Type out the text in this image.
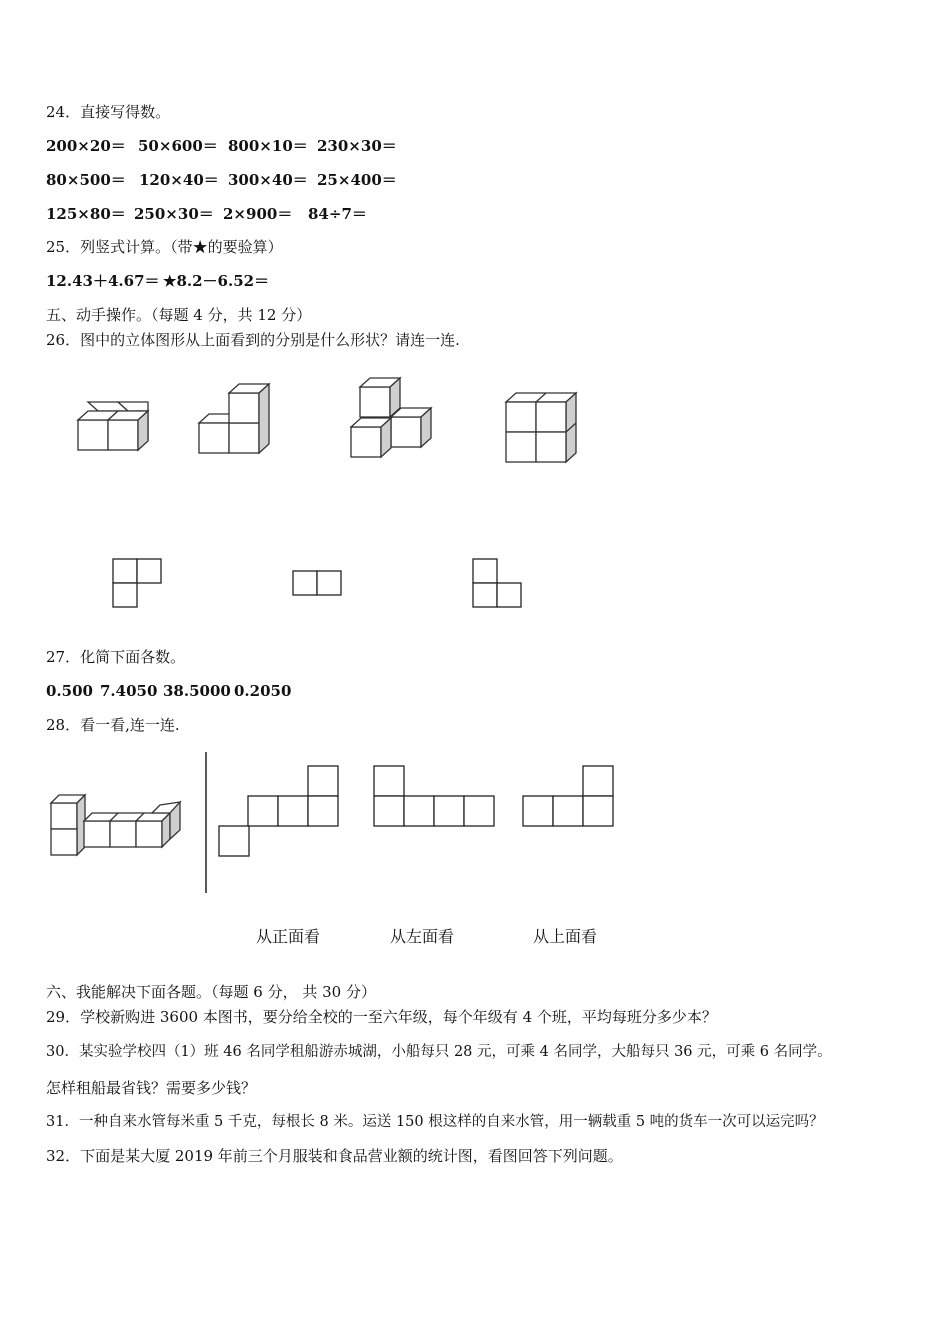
24．直接写得数。
200×20＝ 50×600＝ 800×10＝ 230×30＝
80×500＝ 120×40＝ 300×40＝ 25×400＝
125×80＝ 250×30＝ 2×900＝ 84÷7＝
25．列竖式计算。（带★的要验算）
12.43＋4.67＝ ★8.2－6.52＝
五、动手操作。（每题 4 分，共 12 分）
26．图中的立体图形从上面看到的分别是什么形状？请连一连.
27．化简下面各数。
0.500 7.4050 38.5000 0.2050
28．看一看,连一连.
从正面看	从左面看	从上面看
六、我能解决下面各题。（每题 6 分， 共 30 分）
29．学校新购进 3600 本图书，要分给全校的一至六年级，每个年级有 4 个班，平均每班分多少本？
30．某实验学校四（1）班 46 名同学租船游赤城湖，小船每只 28 元，可乘 4 名同学，大船每只 36 元，可乘 6 名同学。
怎样租船最省钱？需要多少钱？
31．一种自来水管每米重 5 千克，每根长 8 米。运送 150 根这样的自来水管，用一辆载重 5 吨的货车一次可以运完吗？
32．下面是某大厦 2019 年前三个月服装和食品营业额的统计图，看图回答下列问题。
